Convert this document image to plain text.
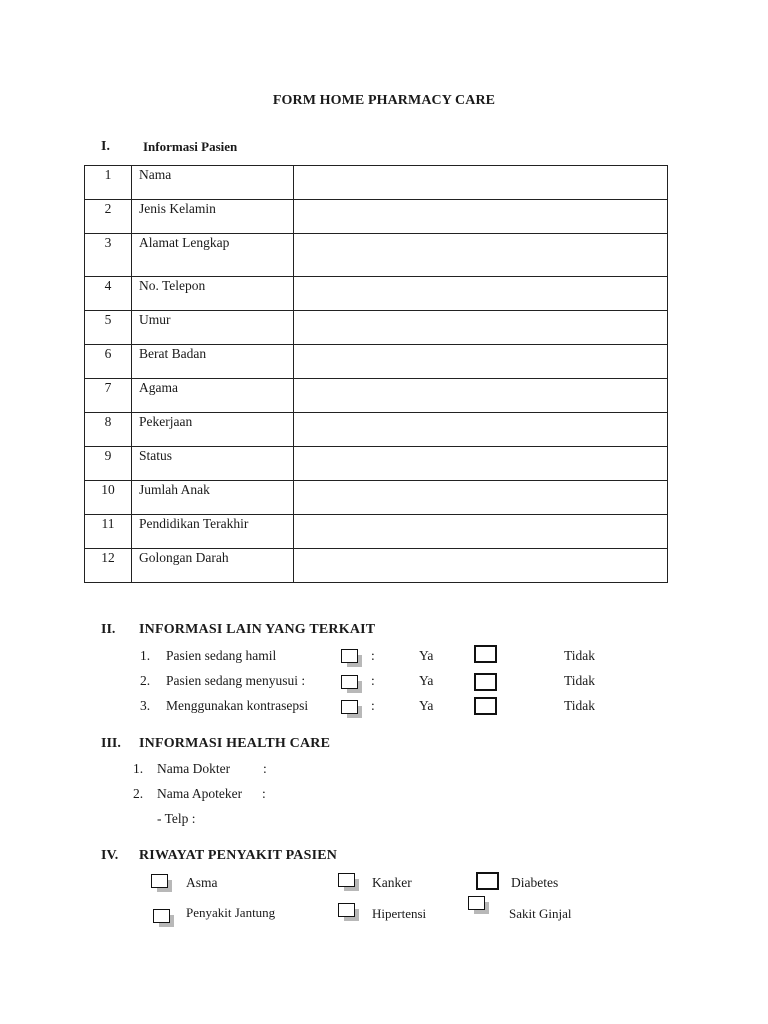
FORM HOME PHARMACY CARE
I.	Informasi Pasien
1	Nama	
2	Jenis Kelamin	
3	Alamat Lengkap	
4	No. Telepon	
5	Umur	
6	Berat Badan	
7	Agama	
8	Pekerjaan	
9	Status	
10	Jumlah Anak	
11	Pendidikan Terakhir	
12	Golongan Darah	
II. INFORMASI LAIN YANG TERKAIT
1. Pasien sedang hamil	:	Ya	Tidak
2. Pasien sedang menyusui :	:	Ya	Tidak
3. Menggunakan kontrasepsi	:	Ya	Tidak
III. INFORMASI HEALTH CARE
1. Nama Dokter :
2. Nama Apoteker :
- Telp :
IV. RIWAYAT PENYAKIT PASIEN
Asma	Kanker	Diabetes
Penyakit Jantung	Hipertensi	Sakit Ginjal
